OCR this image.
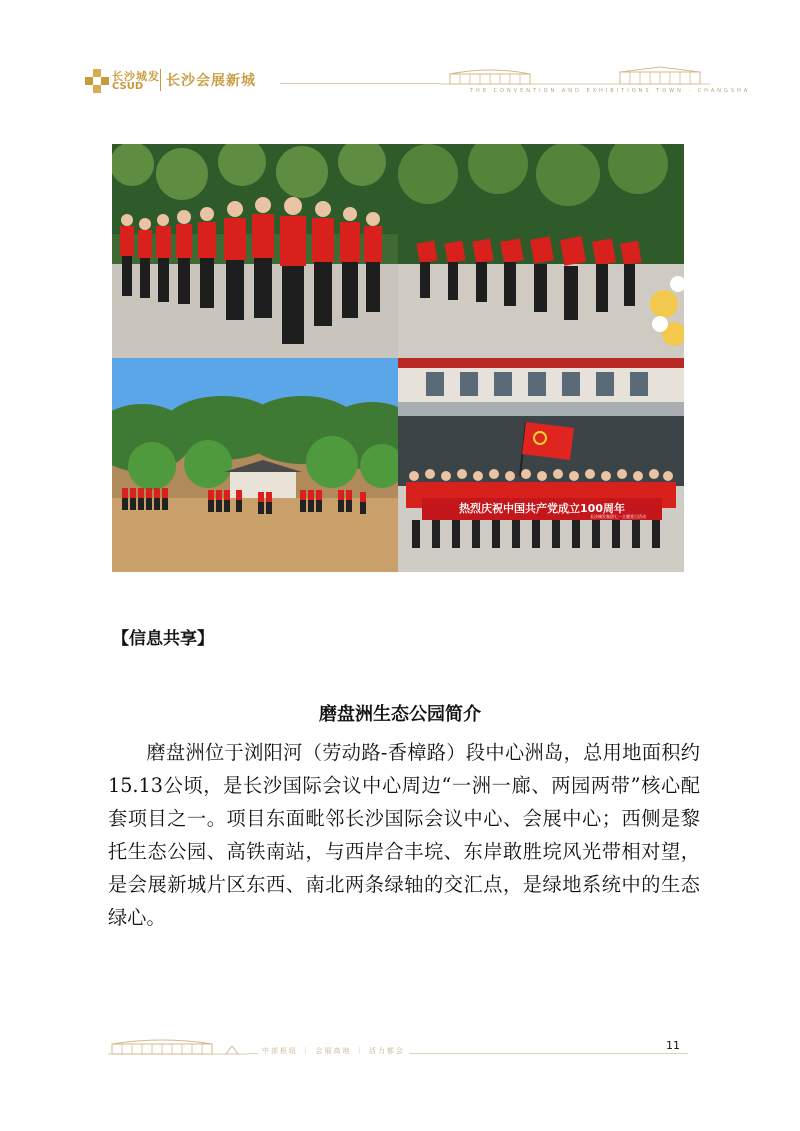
长沙城发
CSUD 长沙会展新城
THE CONVENTION AND EXHIBITIONS TOWN · CHANGSHA
热烈庆祝中国共产党成立100周年
长沙城发集团七一主题党日活动
【信息共享】
磨盘洲生态公园简介

磨盘洲位于浏阳河（劳动路-香樟路）段中心洲岛，总用地面积约15.13公顷，是长沙国际会议中心周边“一洲一廊、两园两带”核心配套项目之一。项目东面毗邻长沙国际会议中心、会展中心；西侧是黎托生态公园、高铁南站，与西岸合丰垸、东岸敢胜垸风光带相对望，是会展新城片区东西、南北两条绿轴的交汇点，是绿地系统中的生态绿心。

中部枢纽 ｜ 会展高地 ｜ 活力都会	11
